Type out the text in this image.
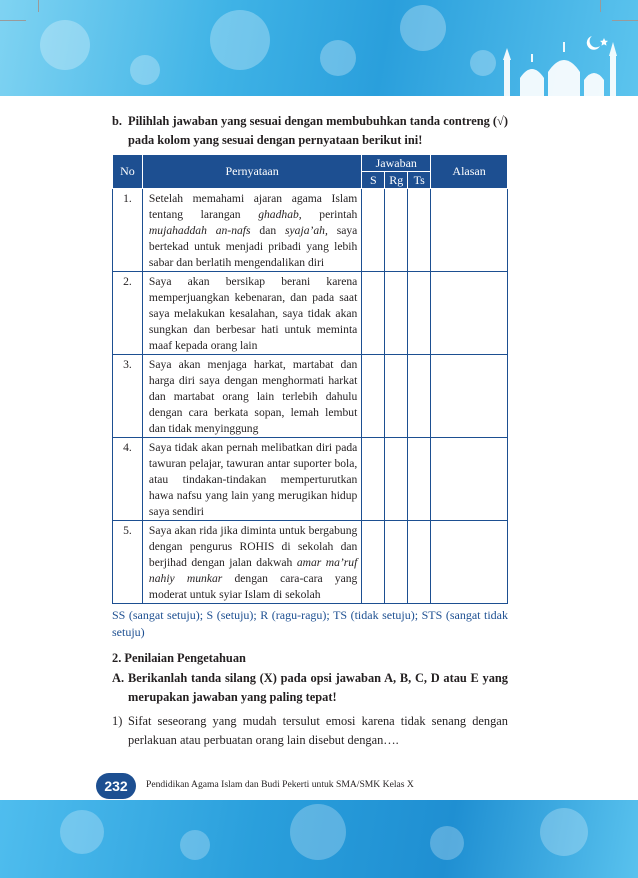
b. Pilihlah jawaban yang sesuai dengan membubuhkan tanda contreng (√) pada kolom yang sesuai dengan pernyataan berikut ini!
No	Pernyataan	Jawaban			Alasan
		S	Rg	Ts	
1.	Setelah memahami ajaran agama Islam tentang larangan ghadhab, perintah mujahaddah an-nafs dan syaja’ah, saya bertekad untuk menjadi pribadi yang lebih sabar dan berlatih mengendalikan diri				
2.	Saya akan bersikap berani karena memperjuangkan kebenaran, dan pada saat saya melakukan kesalahan, saya tidak akan sungkan dan berbesar hati untuk meminta maaf kepada orang lain				
3.	Saya akan menjaga harkat, martabat dan harga diri saya dengan menghormati harkat dan martabat orang lain terlebih dahulu dengan cara berkata sopan, lemah lembut dan tidak menyinggung				
4.	Saya tidak akan pernah melibatkan diri pada tawuran pelajar, tawuran antar suporter bola, atau tindakan-tindakan memperturutkan hawa nafsu yang lain yang merugikan hidup saya sendiri				
5.	Saya akan rida jika diminta untuk bergabung dengan pengurus ROHIS di sekolah dan berjihad dengan jalan dakwah amar ma’ruf nahiy munkar dengan cara-cara yang moderat untuk syiar Islam di sekolah				

SS (sangat setuju); S (setuju); R (ragu-ragu); TS (tidak setuju); STS (sangat tidak setuju)

2. Penilaian Pengetahuan

A. Berikanlah tanda silang (X) pada opsi jawaban A, B, C, D atau E yang merupakan jawaban yang paling tepat!
1) Sifat seseorang yang mudah tersulut emosi karena tidak senang dengan perlakuan atau perbuatan orang lain disebut dengan….
232	Pendidikan Agama Islam dan Budi Pekerti untuk SMA/SMK Kelas X
